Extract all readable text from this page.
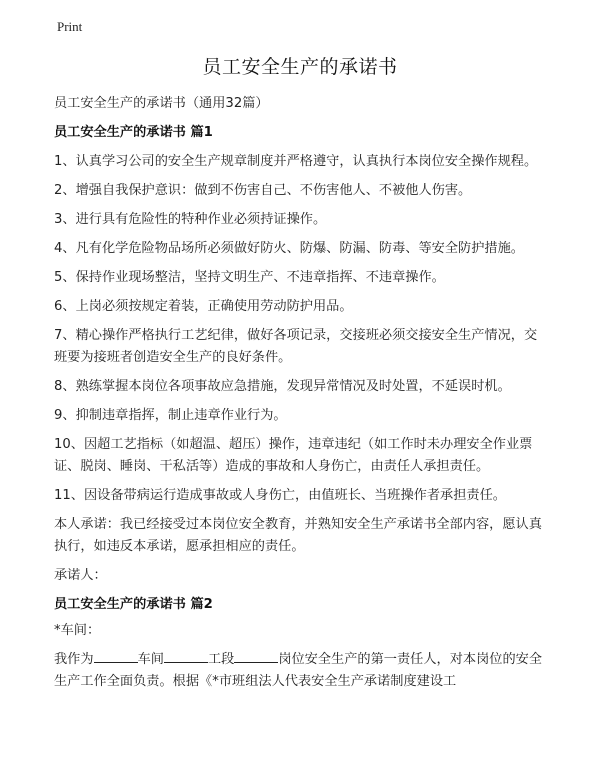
Print
员工安全生产的承诺书

员工安全生产的承诺书（通用32篇）

员工安全生产的承诺书 篇1

1、认真学习公司的安全生产规章制度并严格遵守，认真执行本岗位安全操作规程。

2、增强自我保护意识：做到不伤害自己、不伤害他人、不被他人伤害。

3、进行具有危险性的特种作业必须持证操作。

4、凡有化学危险物品场所必须做好防火、防爆、防漏、防毒、等安全防护措施。

5、保持作业现场整洁，坚持文明生产、不违章指挥、不违章操作。

6、上岗必须按规定着装，正确使用劳动防护用品。

7、精心操作严格执行工艺纪律，做好各项记录，交接班必须交接安全生产情况，交班要为接班者创造安全生产的良好条件。

8、熟练掌握本岗位各项事故应急措施，发现异常情况及时处置，不延误时机。

9、抑制违章指挥，制止违章作业行为。

10、因超工艺指标（如超温、超压）操作，违章违纪（如工作时未办理安全作业票证、脱岗、睡岗、干私活等）造成的事故和人身伤亡，由责任人承担责任。

11、因设备带病运行造成事故或人身伤亡，由值班长、当班操作者承担责任。

本人承诺：我已经接受过本岗位安全教育，并熟知安全生产承诺书全部内容，愿认真执行，如违反本承诺，愿承担相应的责任。

承诺人：

员工安全生产的承诺书 篇2

*车间：

我作为	车间	工段	岗位安全生产的第一责任人，对本岗位的安全生产工作全面负责。根据《*市班组法人代表安全生产承诺制度建设工
